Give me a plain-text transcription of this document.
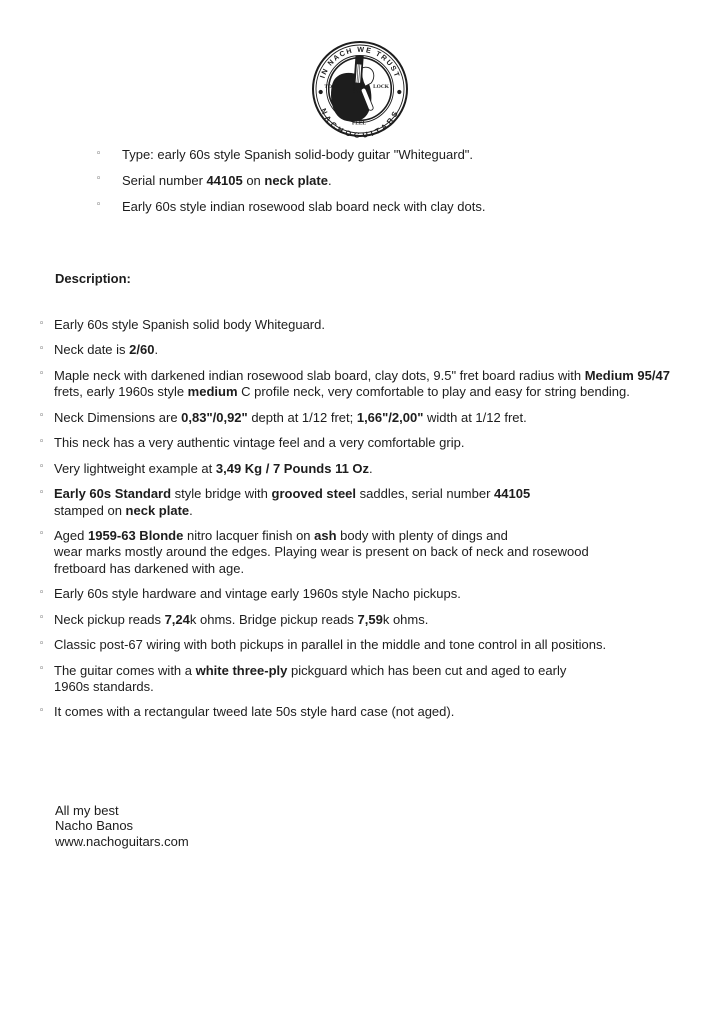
IN NACH WE TRUST
NACHOGUITARS
TONE	LOCK
FEEL
◦ Type: early 60s style Spanish solid-body guitar "Whiteguard".
◦ Serial number 44105 on neck plate.
◦ Early 60s style indian rosewood slab board neck with clay dots.
Description:
◦ Early 60s style Spanish solid body Whiteguard.
◦ Neck date is 2/60.
◦ Maple neck with darkened indian rosewood slab board, clay dots, 9.5" fret board radius with Medium 95/47
frets, early 1960s style medium C profile neck, very comfortable to play and easy for string bending.
◦ Neck Dimensions are 0,83"/0,92" depth at 1/12 fret; 1,66"/2,00" width at 1/12 fret.
◦ This neck has a very authentic vintage feel and a very comfortable grip.
◦ Very lightweight example at 3,49 Kg / 7 Pounds 11 Oz.
◦ Early 60s Standard style bridge with grooved steel saddles, serial number 44105
stamped on neck plate.
◦ Aged 1959-63 Blonde nitro lacquer finish on ash body with plenty of dings and
wear marks mostly around the edges. Playing wear is present on back of neck and rosewood
fretboard has darkened with age.
◦ Early 60s style hardware and vintage early 1960s style Nacho pickups.
◦ Neck pickup reads 7,24k ohms. Bridge pickup reads 7,59k ohms.
◦ Classic post-67 wiring with both pickups in parallel in the middle and tone control in all positions.
◦ The guitar comes with a white three-ply pickguard which has been cut and aged to early
1960s standards.
◦ It comes with a rectangular tweed late 50s style hard case (not aged).
All my best
Nacho Banos
www.nachoguitars.com
